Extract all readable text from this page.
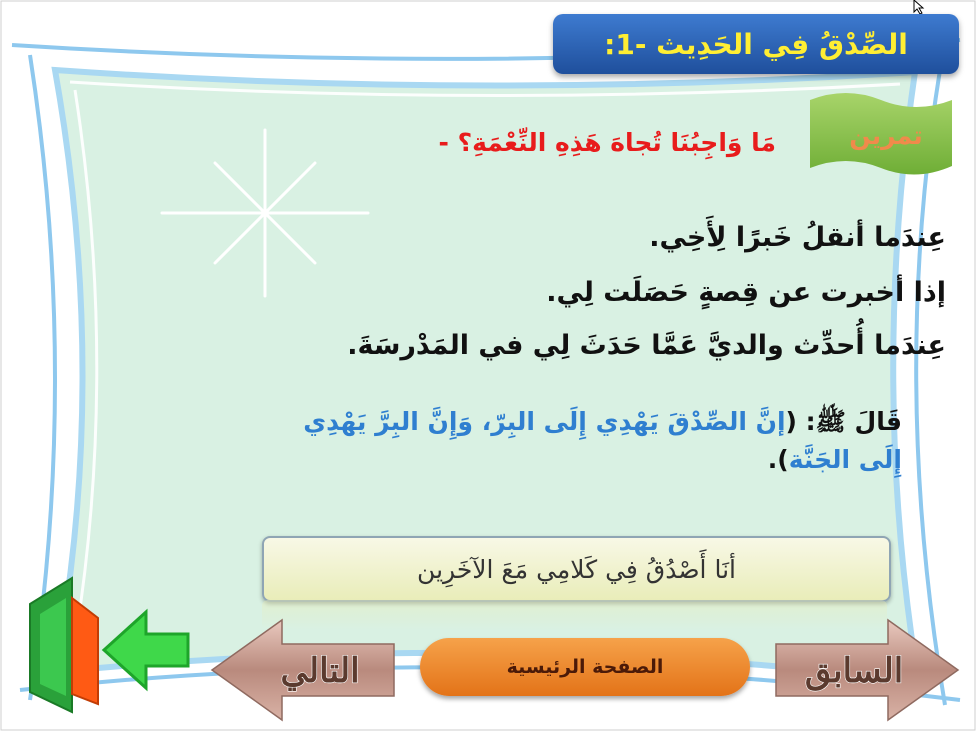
الصِّدْقُ فِي الحَدِيث -1:
تمرين
مَا وَاجِبُنَا تُجاهَ هَذِهِ النِّعْمَةِ؟ -
عِندَما أنقلُ خَبرًا لِأَخِي.
إذا أخبرت عن قِصةٍ حَصَلَت لِي.
عِندَما أُحدِّث والديَّ عَمَّا حَدَثَ لِي في المَدْرسَةَ.
قَالَ ﷺ: (إنَّ الصِّدْقَ يَهْدِي إِلَى البِرّ، وَإِنَّ البِرَّ يَهْدِي
إِلَى الجَنَّة).
أنَا أَصْدُقُ فِي كَلامِي مَعَ الآخَرِين
الصفحة الرئيسية
التالي	السابق
